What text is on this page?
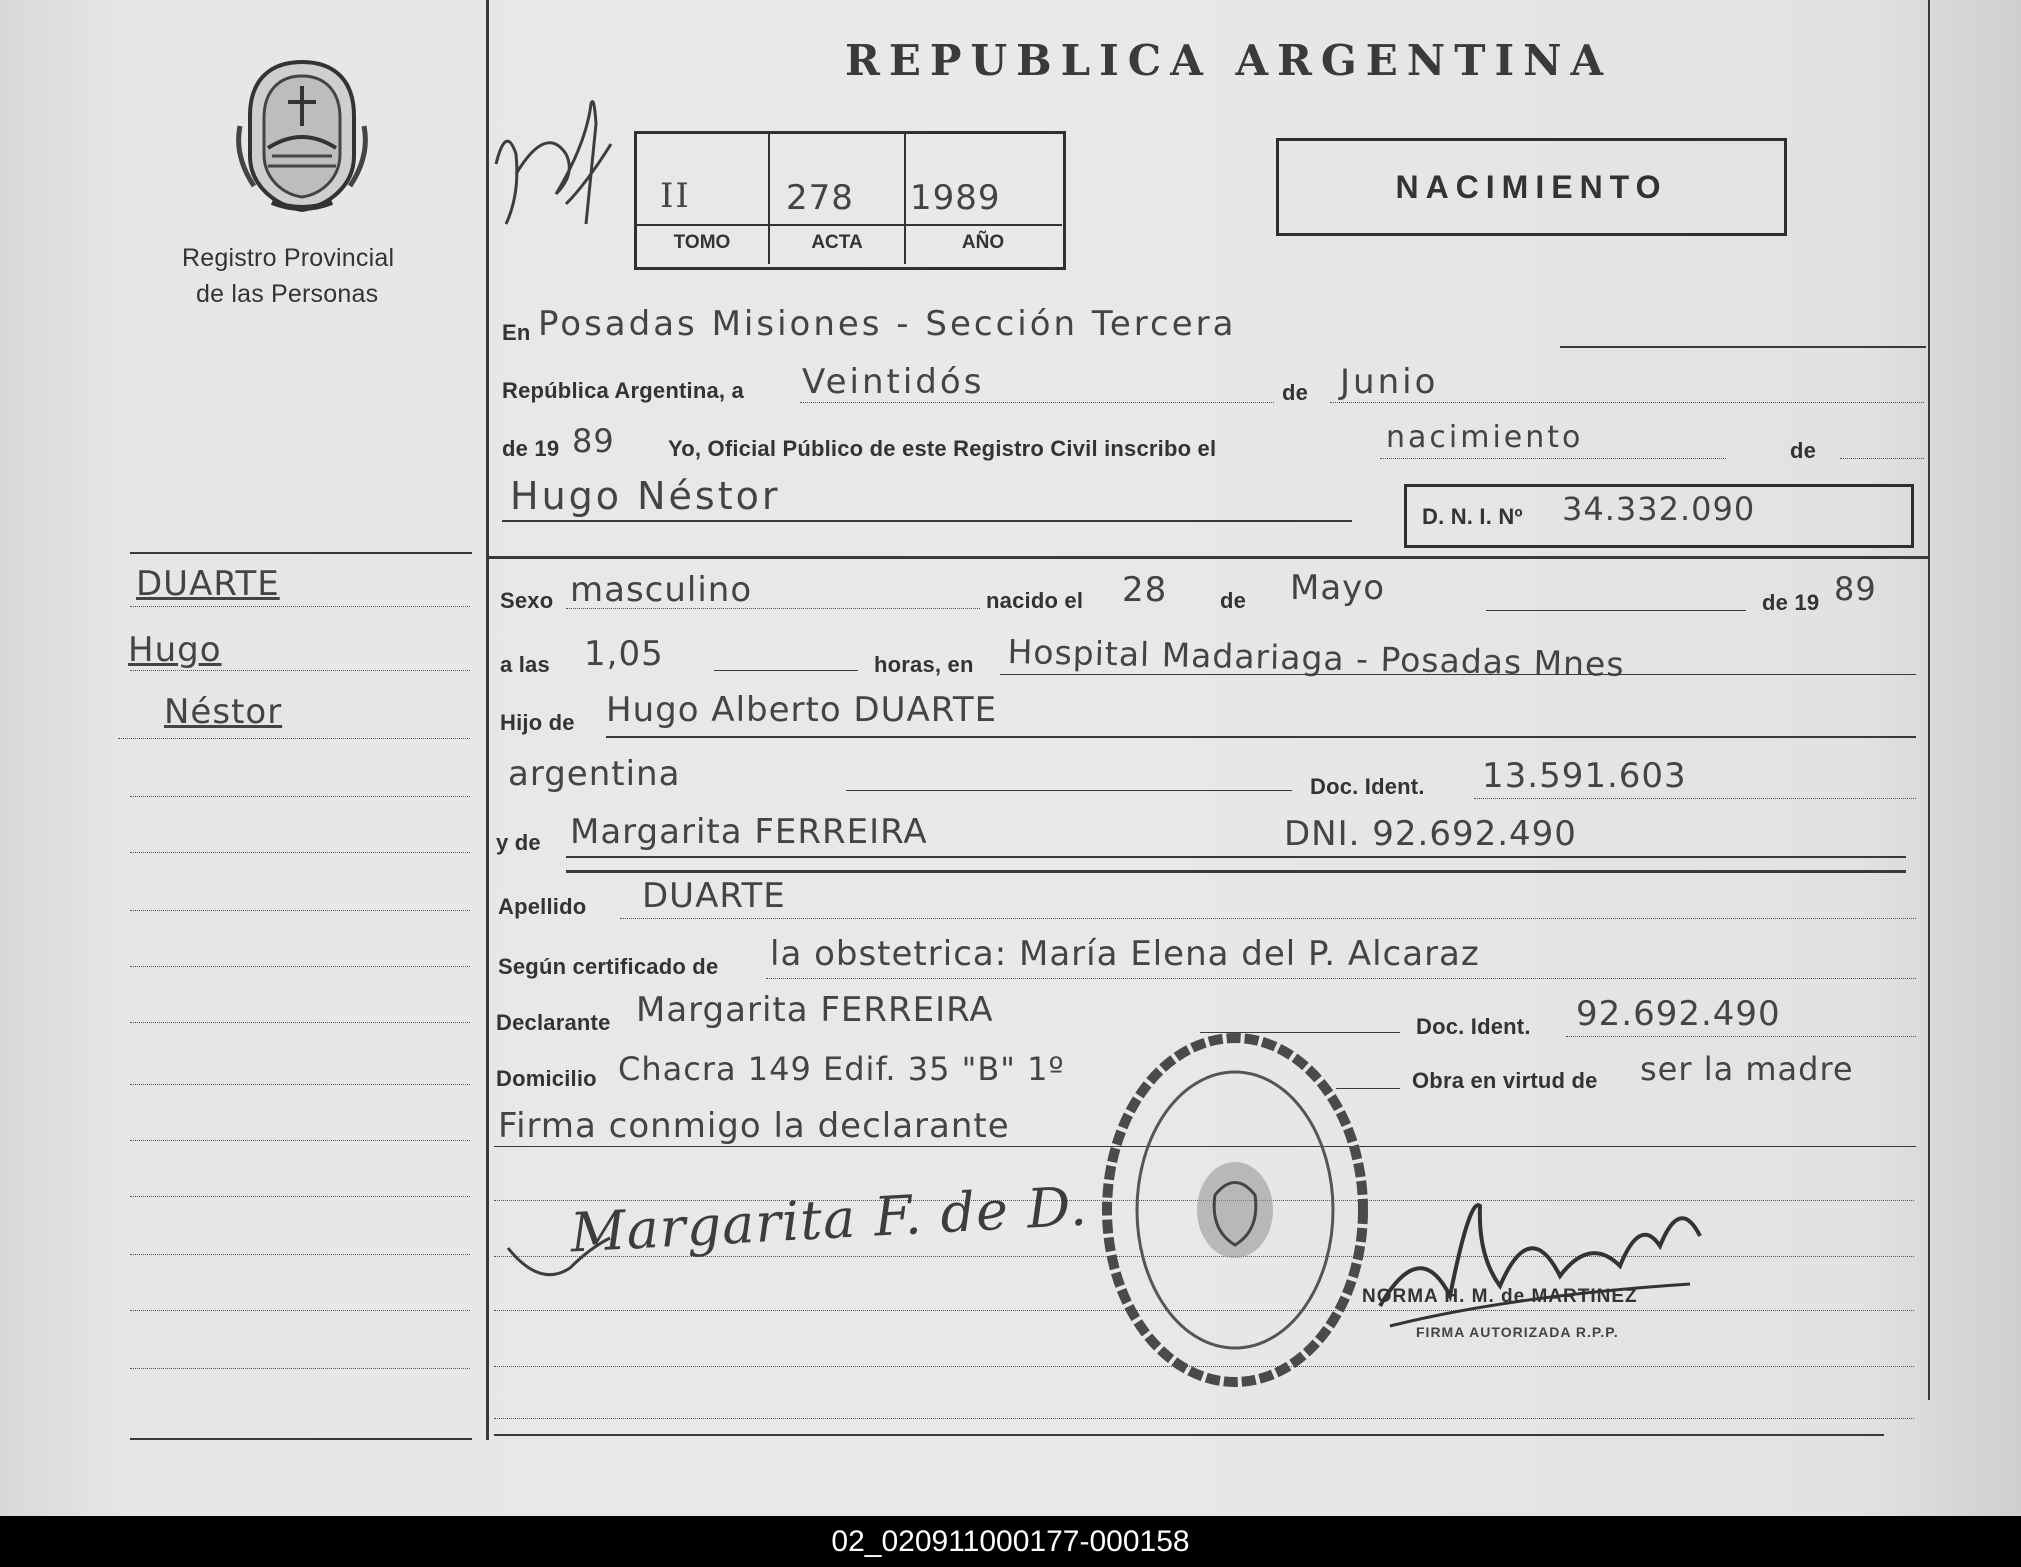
Registro Provincial
de las Personas
REPUBLICA ARGENTINA
II	278 1989
TOMO	ACTA	AÑO
NACIMIENTO
DUARTE
Hugo
Néstor
En Posadas Misiones - Sección Tercera
República Argentina, a Veintidós	de Junio
de 19 89 Yo, Oficial Público de este Registro Civil inscribo el	nacimiento	de
Hugo Néstor	D. N. I. Nº 34.332.090
Sexo masculino	nacido el 28 de Mayo	de 19 89
a las 1,05	horas, en Hospital Madariaga - Posadas Mnes
Hijo de Hugo Alberto DUARTE
argentina	Doc. Ident. 13.591.603
y de Margarita FERREIRA	DNI. 92.692.490
Apellido DUARTE
Según certificado de la obstetrica: María Elena del P. Alcaraz
Declarante Margarita FERREIRA	Doc. Ident. 92.692.490
Domicilio Chacra 149 Edif. 35 "B" 1º	Obra en virtud de ser la madre
Firma conmigo la declarante
Margarita F. de D.
NORMA H. M. de MARTINEZ
FIRMA AUTORIZADA R.P.P.
02_020911000177-000158
